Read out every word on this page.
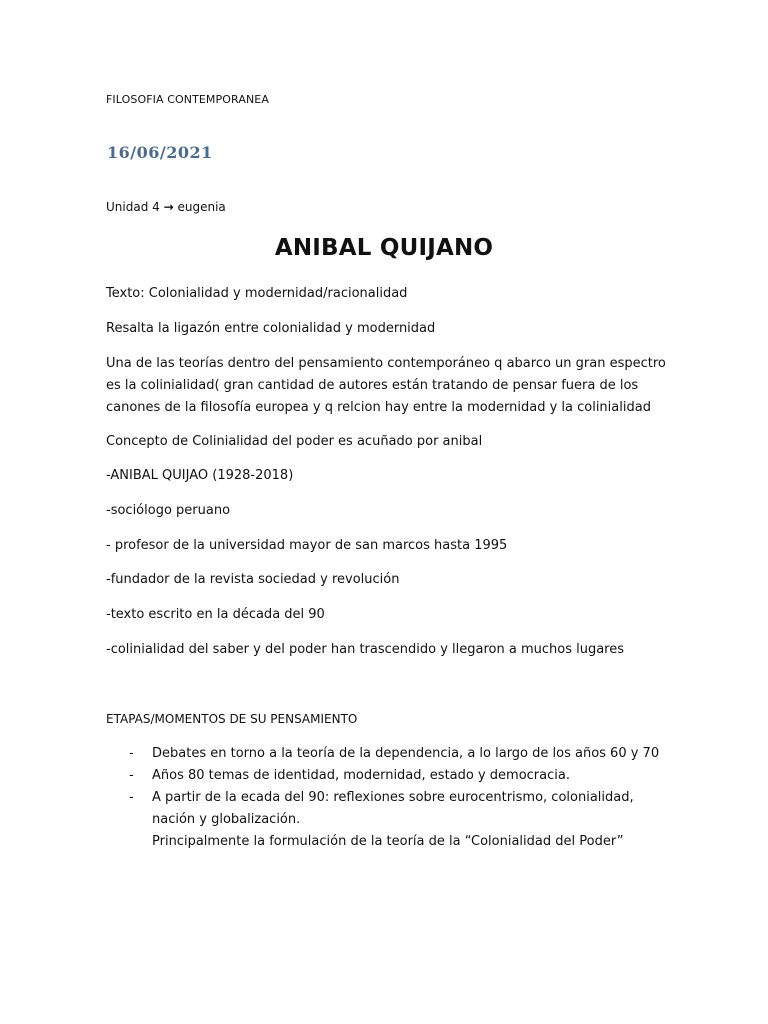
FILOSOFIA CONTEMPORANEA
16/06/2021
Unidad 4 → eugenia
ANIBAL QUIJANO
Texto: Colonialidad y modernidad/racionalidad
Resalta la ligazón entre colonialidad y modernidad
Una de las teorías dentro del pensamiento contemporáneo q abarco un gran espectro es la colinialidad( gran cantidad de autores están tratando de pensar fuera de los canones de la filosofía europea y q relcion hay entre la modernidad y la colinialidad
Concepto de Colinialidad del poder es acuñado por anibal
-ANIBAL QUIJAO (1928-2018)
-sociólogo peruano
- profesor de la universidad mayor de san marcos hasta 1995
-fundador de la revista sociedad y revolución
-texto escrito en la década del 90
-colinialidad del saber y del poder han trascendido y llegaron a muchos lugares
ETAPAS/MOMENTOS DE SU PENSAMIENTO
- Debates en torno a la teoría de la dependencia, a lo largo de los años 60 y 70
- Años 80 temas de identidad, modernidad, estado y democracia.
- A partir de la ecada del 90: reflexiones sobre eurocentrismo, colonialidad, nación y globalización.
Principalmente la formulación de la teoría de la “Colonialidad del Poder”
